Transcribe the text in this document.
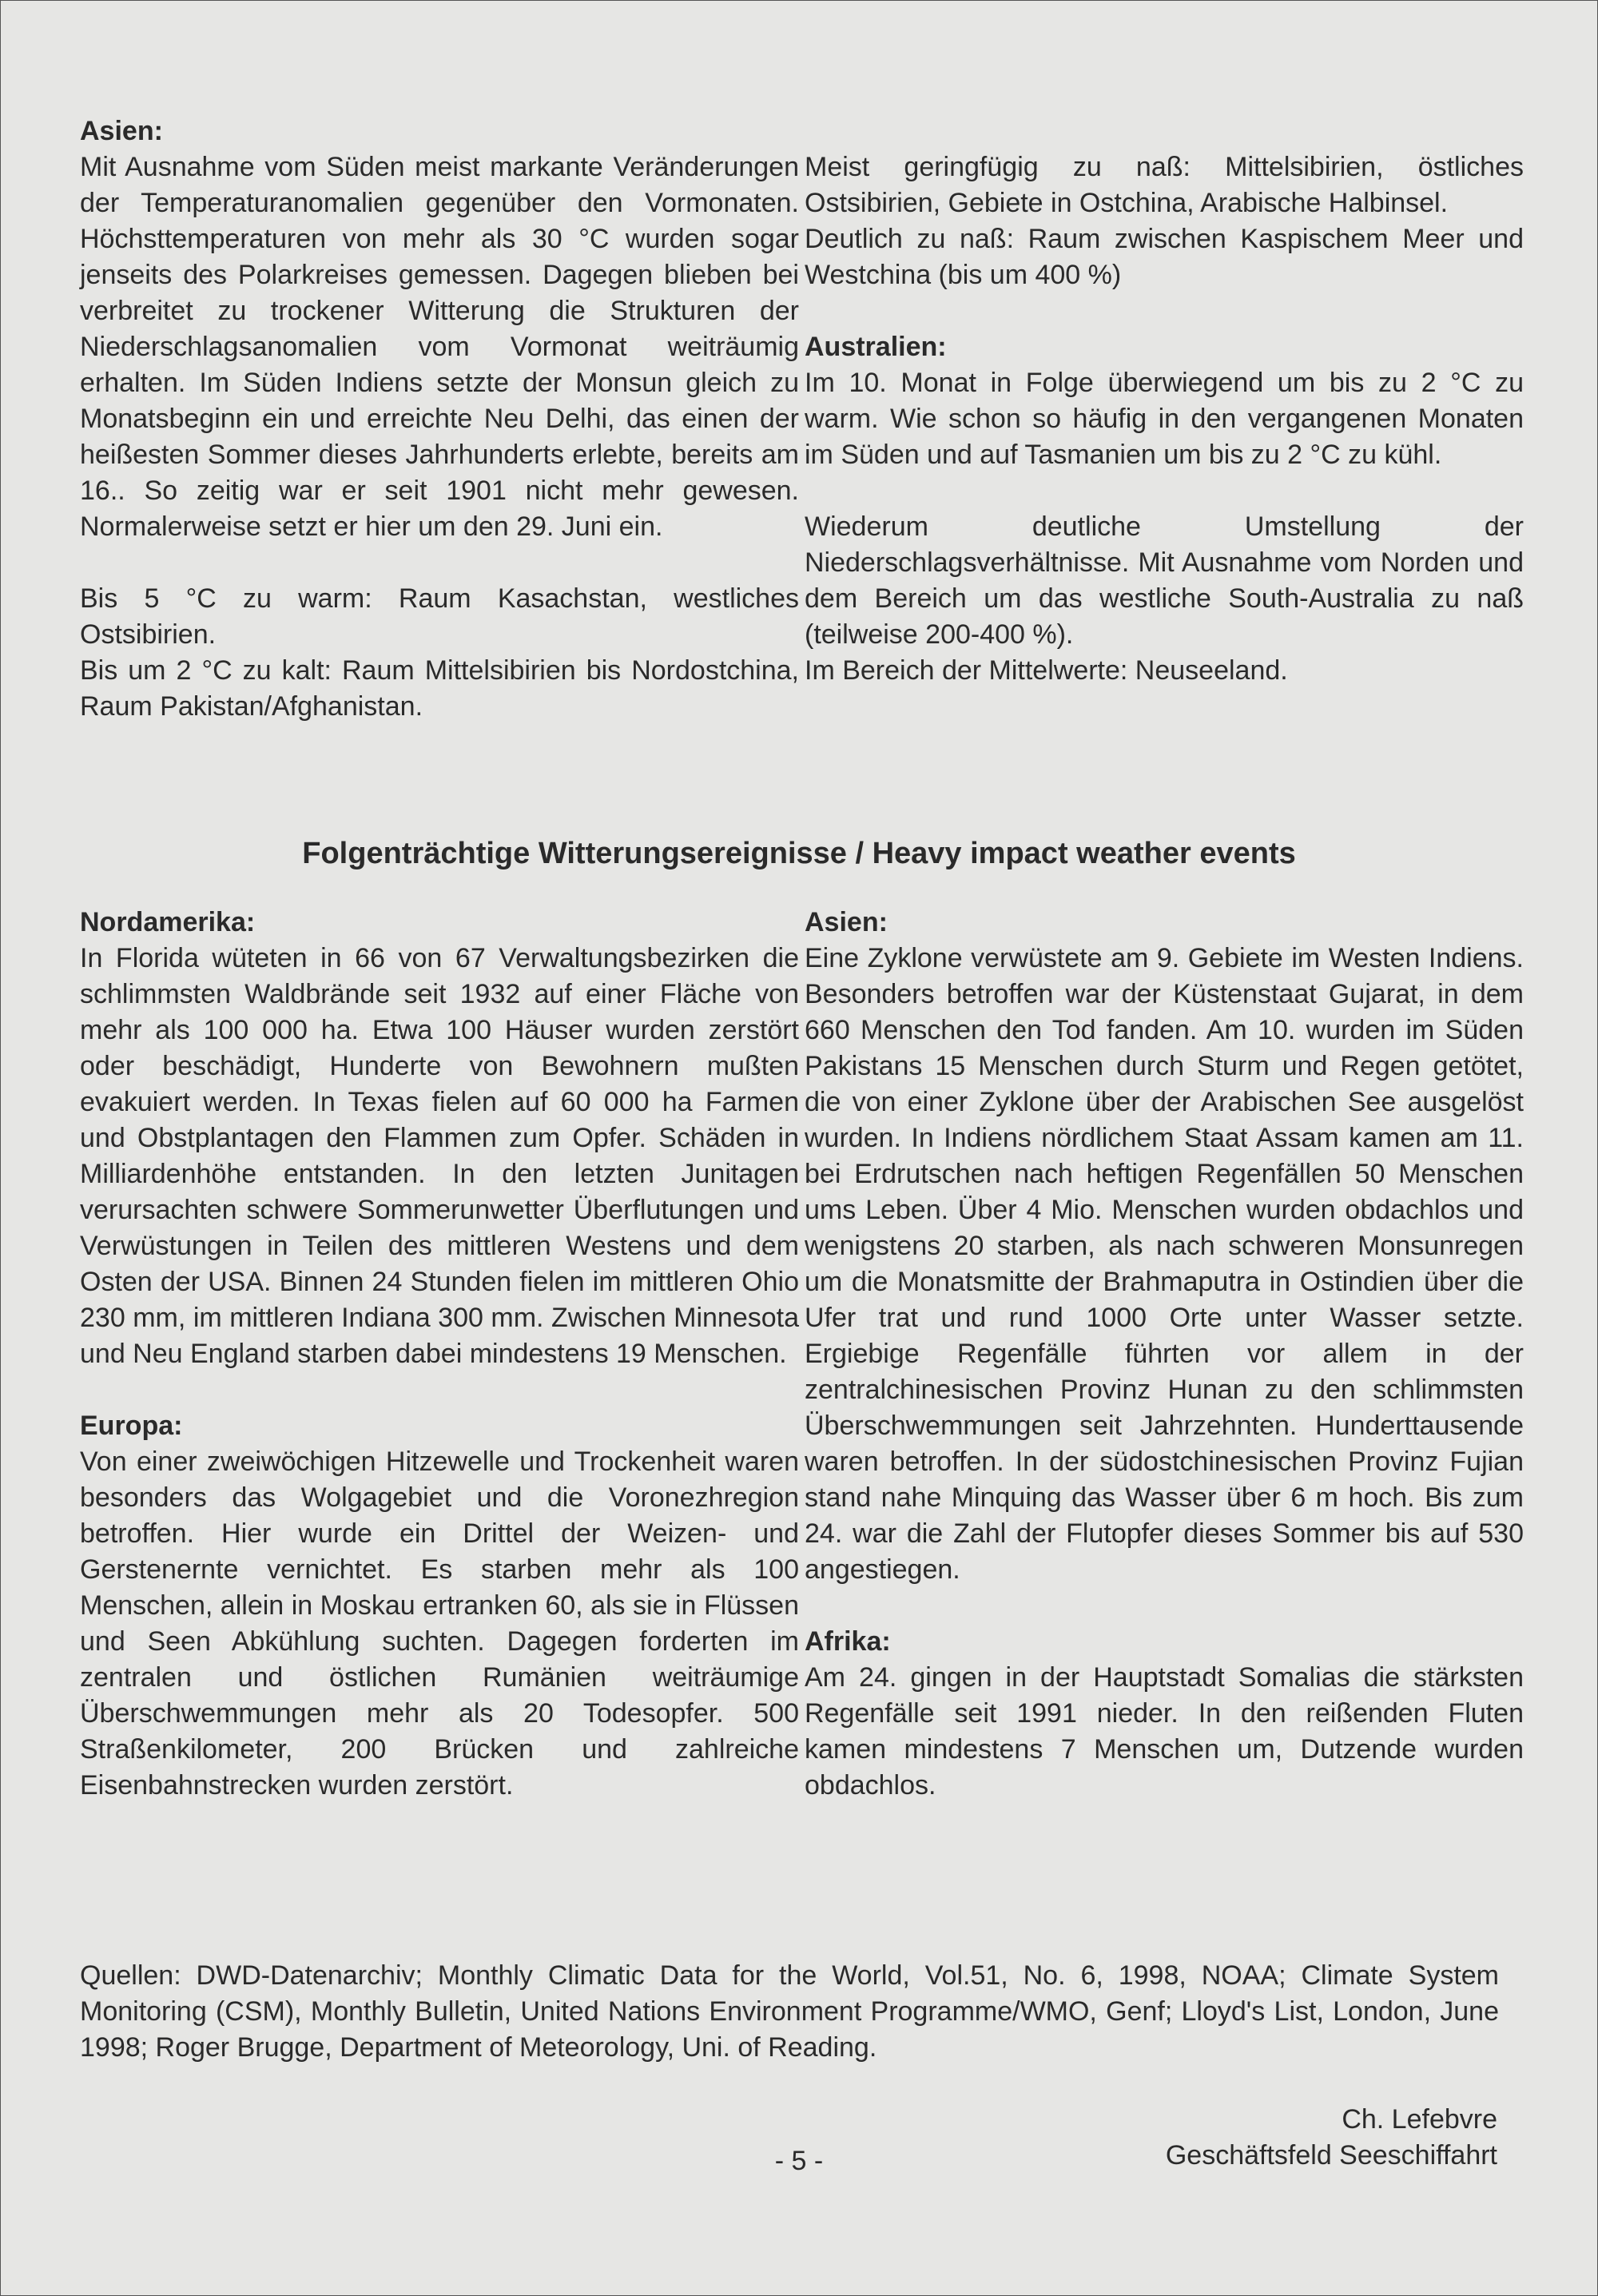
Asien:

Mit Ausnahme vom Süden meist markante Veränderungen der Temperaturanomalien gegenüber den Vormonaten. Höchsttemperaturen von mehr als 30 °C wurden sogar jenseits des Polarkreises gemessen. Dagegen blieben bei verbreitet zu trockener Witterung die Strukturen der Niederschlagsanomalien vom Vormonat weiträumig erhalten. Im Süden Indiens setzte der Monsun gleich zu Monatsbeginn ein und erreichte Neu Delhi, das einen der heißesten Sommer dieses Jahrhunderts erlebte, bereits am 16.. So zeitig war er seit 1901 nicht mehr gewesen. Normalerweise setzt er hier um den 29. Juni ein.

Bis 5 °C zu warm: Raum Kasachstan, westliches Ostsibirien.

Bis um 2 °C zu kalt: Raum Mittelsibirien bis Nordostchina, Raum Pakistan/Afghanistan.

Meist geringfügig zu naß: Mittelsibirien, östliches Ostsibirien, Gebiete in Ostchina, Arabische Halbinsel.

Deutlich zu naß: Raum zwischen Kaspischem Meer und Westchina (bis um 400 %)

Australien:

Im 10. Monat in Folge überwiegend um bis zu 2 °C zu warm. Wie schon so häufig in den vergangenen Monaten im Süden und auf Tasmanien um bis zu 2 °C zu kühl.

Wiederum deutliche Umstellung der Niederschlagsverhältnisse. Mit Ausnahme vom Norden und dem Bereich um das westliche South-Australia zu naß (teilweise 200-400 %).

Im Bereich der Mittelwerte: Neuseeland.

Folgenträchtige Witterungsereignisse / Heavy impact weather events

Nordamerika:

In Florida wüteten in 66 von 67 Verwaltungsbezirken die schlimmsten Waldbrände seit 1932 auf einer Fläche von mehr als 100 000 ha. Etwa 100 Häuser wurden zerstört oder beschädigt, Hunderte von Bewohnern mußten evakuiert werden. In Texas fielen auf 60 000 ha Farmen und Obstplantagen den Flammen zum Opfer. Schäden in Milliardenhöhe entstanden. In den letzten Junitagen verursachten schwere Sommerunwetter Überflutungen und Verwüstungen in Teilen des mittleren Westens und dem Osten der USA. Binnen 24 Stunden fielen im mittleren Ohio 230 mm, im mittleren Indiana 300 mm. Zwischen Minnesota und Neu England starben dabei mindestens 19 Menschen.

Europa:

Von einer zweiwöchigen Hitzewelle und Trockenheit waren besonders das Wolgagebiet und die Voronezhregion betroffen. Hier wurde ein Drittel der Weizen- und Gerstenernte vernichtet. Es starben mehr als 100 Menschen, allein in Moskau ertranken 60, als sie in Flüssen und Seen Abkühlung suchten. Dagegen forderten im zentralen und östlichen Rumänien weiträumige Überschwemmungen mehr als 20 Todesopfer. 500 Straßenkilometer, 200 Brücken und zahlreiche Eisenbahnstrecken wurden zerstört.

Asien:

Eine Zyklone verwüstete am 9. Gebiete im Westen Indiens. Besonders betroffen war der Küstenstaat Gujarat, in dem 660 Menschen den Tod fanden. Am 10. wurden im Süden Pakistans 15 Menschen durch Sturm und Regen getötet, die von einer Zyklone über der Arabischen See ausgelöst wurden. In Indiens nördlichem Staat Assam kamen am 11. bei Erdrutschen nach heftigen Regenfällen 50 Menschen ums Leben. Über 4 Mio. Menschen wurden obdachlos und wenigstens 20 starben, als nach schweren Monsunregen um die Monatsmitte der Brahmaputra in Ostindien über die Ufer trat und rund 1000 Orte unter Wasser setzte. Ergiebige Regenfälle führten vor allem in der zentralchinesischen Provinz Hunan zu den schlimmsten Überschwemmungen seit Jahrzehnten. Hunderttausende waren betroffen. In der südostchinesischen Provinz Fujian stand nahe Minquing das Wasser über 6 m hoch. Bis zum 24. war die Zahl der Flutopfer dieses Sommer bis auf 530 angestiegen.

Afrika:

Am 24. gingen in der Hauptstadt Somalias die stärksten Regenfälle seit 1991 nieder. In den reißenden Fluten kamen mindestens 7 Menschen um, Dutzende wurden obdachlos.

Quellen: DWD-Datenarchiv; Monthly Climatic Data for the World, Vol.51, No. 6, 1998, NOAA; Climate System Monitoring (CSM), Monthly Bulletin, United Nations Environment Programme/WMO, Genf; Lloyd's List, London, June 1998; Roger Brugge, Department of Meteorology, Uni. of Reading.
Ch. Lefebvre
Geschäftsfeld Seeschiffahrt
- 5 -
